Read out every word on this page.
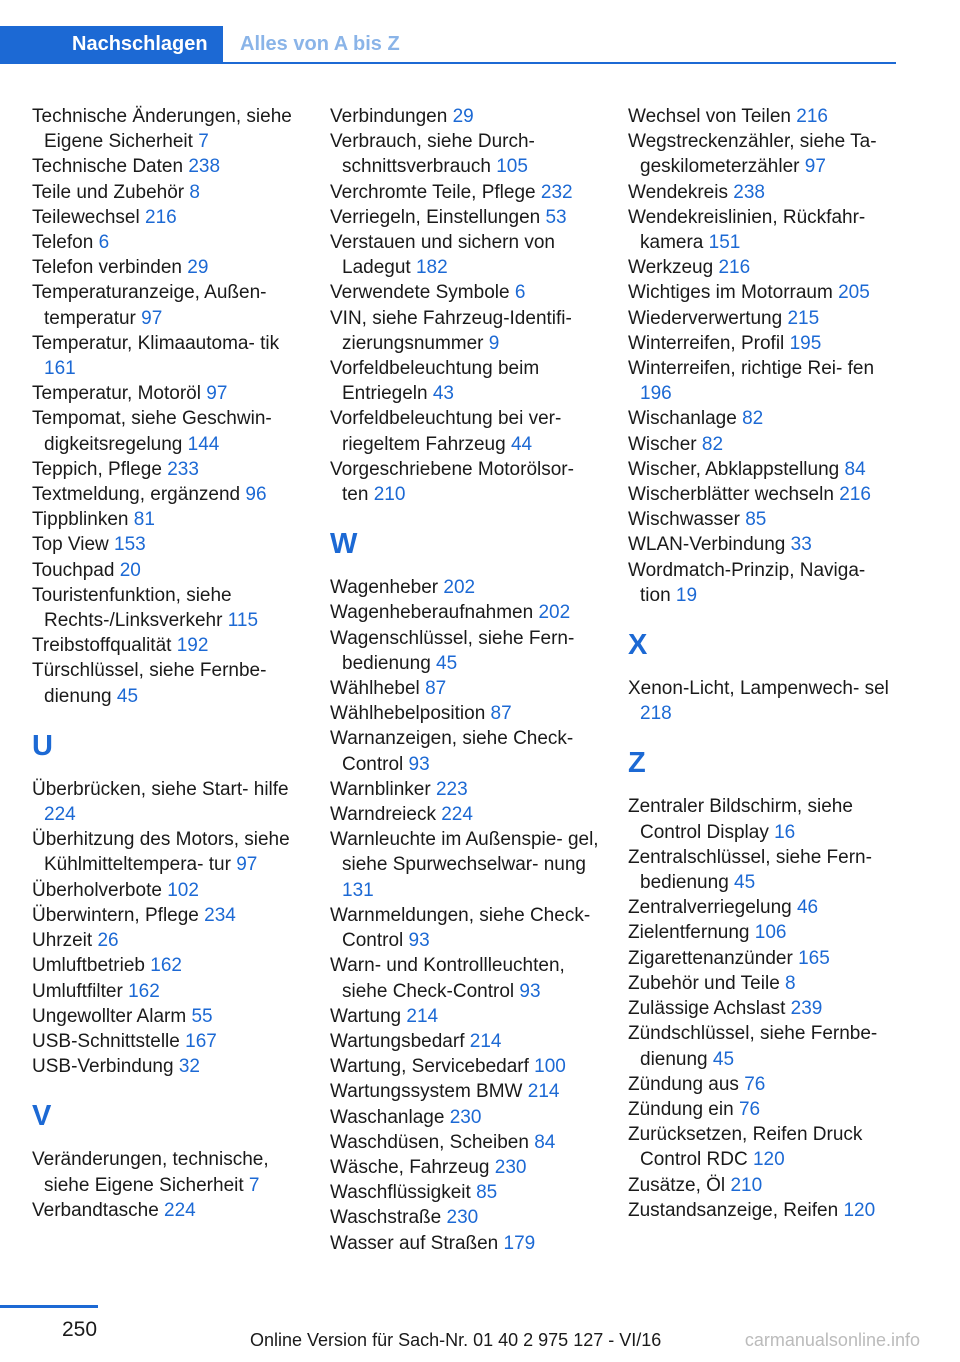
Nachschlagen	Alles von A bis Z

Technische Änderungen, siehe Eigene Sicherheit 7

Technische Daten 238

Teile und Zubehör 8

Teilewechsel 216

Telefon 6

Telefon verbinden 29

Temperaturanzeige, Außen- temperatur 97

Temperatur, Klimaautoma- tik 161

Temperatur, Motoröl 97

Tempomat, siehe Geschwin- digkeitsregelung 144

Teppich, Pflege 233

Textmeldung, ergänzend 96

Tippblinken 81

Top View 153

Touchpad 20

Touristenfunktion, siehe Rechts-/Linksverkehr 115

Treibstoffqualität 192

Türschlüssel, siehe Fernbe- dienung 45

U

Überbrücken, siehe Start- hilfe 224

Überhitzung des Motors, siehe Kühlmitteltempera- tur 97

Überholverbote 102

Überwintern, Pflege 234

Uhrzeit 26

Umluftbetrieb 162

Umluftfilter 162

Ungewollter Alarm 55

USB-Schnittstelle 167

USB-Verbindung 32

V

Veränderungen, technische, siehe Eigene Sicherheit 7

Verbandtasche 224

Verbindungen 29

Verbrauch, siehe Durch- schnittsverbrauch 105

Verchromte Teile, Pflege 232

Verriegeln, Einstellungen 53

Verstauen und sichern von Ladegut 182

Verwendete Symbole 6

VIN, siehe Fahrzeug-Identifi- zierungsnummer 9

Vorfeldbeleuchtung beim Entriegeln 43

Vorfeldbeleuchtung bei ver- riegeltem Fahrzeug 44

Vorgeschriebene Motorölsor- ten 210

W

Wagenheber 202

Wagenheberaufnahmen 202

Wagenschlüssel, siehe Fern- bedienung 45

Wählhebel 87

Wählhebelposition 87

Warnanzeigen, siehe Check- Control 93

Warnblinker 223

Warndreieck 224

Warnleuchte im Außenspie- gel, siehe Spurwechselwar- nung 131

Warnmeldungen, siehe Check-Control 93

Warn- und Kontrollleuchten, siehe Check-Control 93

Wartung 214

Wartungsbedarf 214

Wartung, Servicebedarf 100

Wartungssystem BMW 214

Waschanlage 230

Waschdüsen, Scheiben 84

Wäsche, Fahrzeug 230

Waschflüssigkeit 85

Waschstraße 230

Wasser auf Straßen 179

Wechsel von Teilen 216

Wegstreckenzähler, siehe Ta- geskilometerzähler 97

Wendekreis 238

Wendekreislinien, Rückfahr- kamera 151

Werkzeug 216

Wichtiges im Motorraum 205

Wiederverwertung 215

Winterreifen, Profil 195

Winterreifen, richtige Rei- fen 196

Wischanlage 82

Wischer 82

Wischer, Abklappstellung 84

Wischerblätter wechseln 216

Wischwasser 85

WLAN-Verbindung 33

Wordmatch-Prinzip, Naviga- tion 19

X

Xenon-Licht, Lampenwech- sel 218

Z

Zentraler Bildschirm, siehe Control Display 16

Zentralschlüssel, siehe Fern- bedienung 45

Zentralverriegelung 46

Zielentfernung 106

Zigarettenanzünder 165

Zubehör und Teile 8

Zulässige Achslast 239

Zündschlüssel, siehe Fernbe- dienung 45

Zündung aus 76

Zündung ein 76

Zurücksetzen, Reifen Druck Control RDC 120

Zusätze, Öl 210

Zustandsanzeige, Reifen 120

250	Online Version für Sach-Nr. 01 40 2 975 127 - VI/16	carmanualsonline.info
